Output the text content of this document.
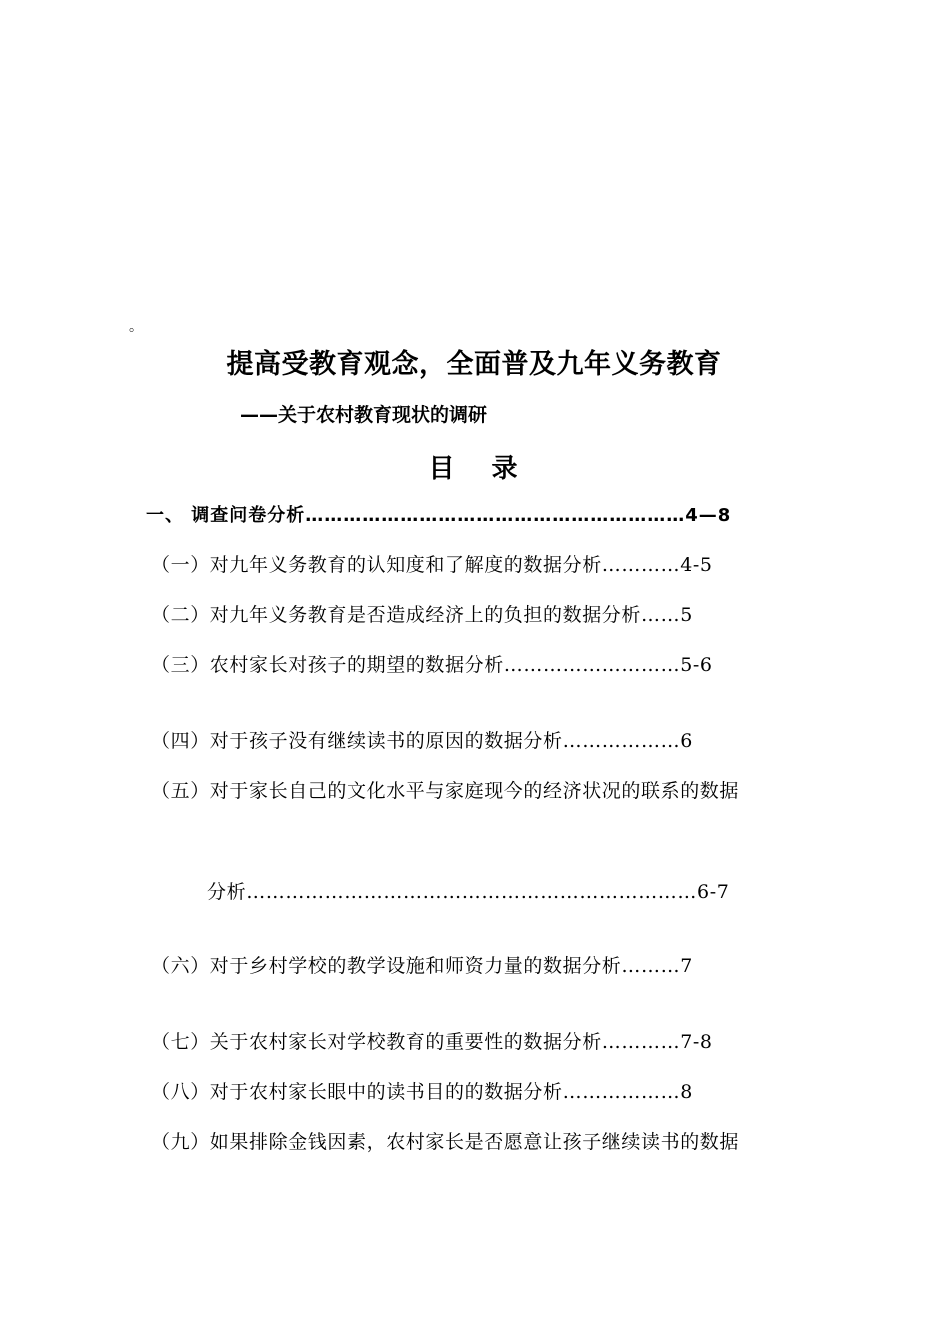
。
提高受教育观念，全面普及九年义务教育
——关于农村教育现状的调研
目 录
一、 调查问卷分析……………………………………………………4—8
（一）对九年义务教育的认知度和了解度的数据分析…………4-5
（二）对九年义务教育是否造成经济上的负担的数据分析……5
（三）农村家长对孩子的期望的数据分析………………………5-6
（四）对于孩子没有继续读书的原因的数据分析………………6
（五）对于家长自己的文化水平与家庭现今的经济状况的联系的数据
分析……………………………………………………………6-7
（六）对于乡村学校的教学设施和师资力量的数据分析………7
（七）关于农村家长对学校教育的重要性的数据分析…………7-8
（八）对于农村家长眼中的读书目的的数据分析………………8
（九）如果排除金钱因素，农村家长是否愿意让孩子继续读书的数据
